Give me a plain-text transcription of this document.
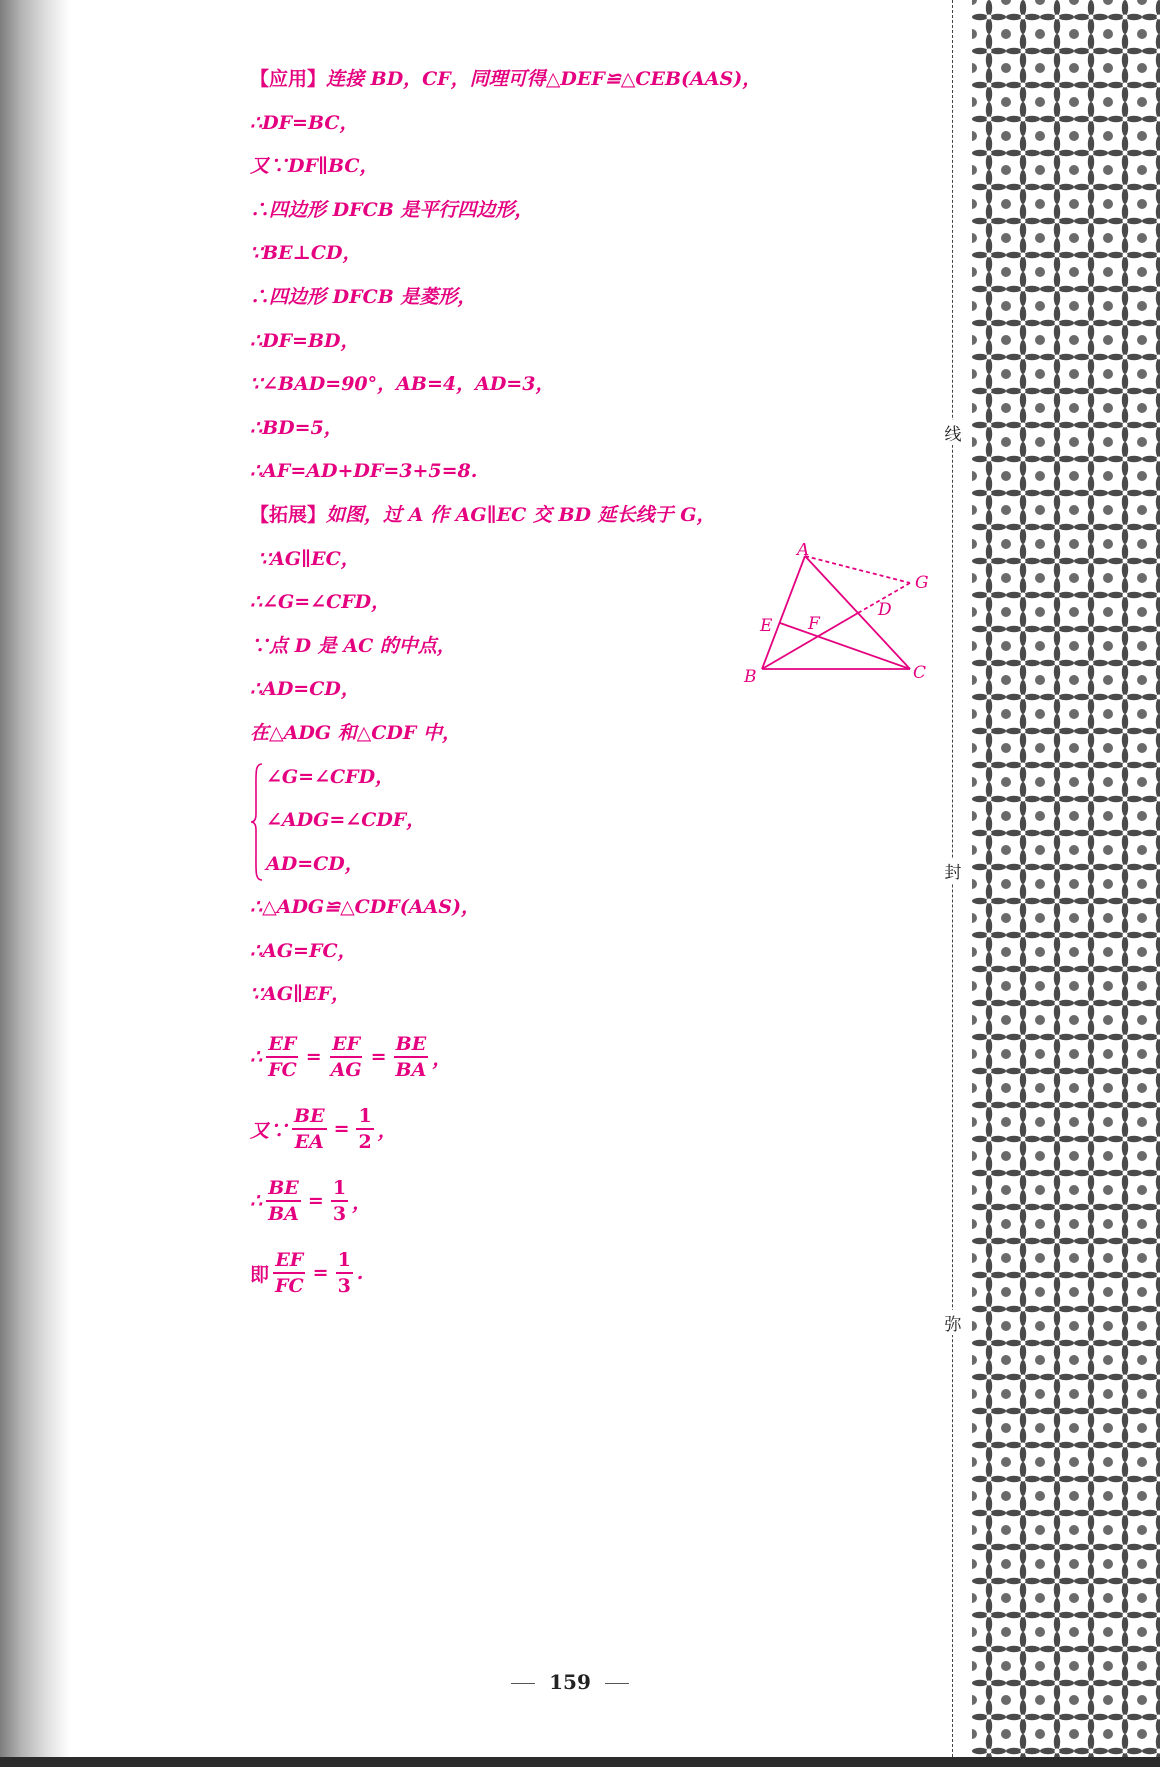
线
封
弥
【应用】连接 BD，CF，同理可得△DEF≌△CEB(AAS)，
∴DF=BC，
又∵DF∥BC，
∴四边形 DFCB 是平行四边形，
∵BE⊥CD，
∴四边形 DFCB 是菱形，
∴DF=BD，
∵∠BAD=90°，AB=4，AD=3，
∴BD=5，
∴AF=AD+DF=3+5=8.
【拓展】如图，过 A 作 AG∥EC 交 BD 延长线于 G，
∵AG∥EC，
∴∠G=∠CFD，
∵点 D 是 AC 的中点，
∴AD=CD，
在△ADG 和△CDF 中，
∠G=∠CFD，
∠ADG=∠CDF，
AD=CD，
∴△ADG≌△CDF(AAS)，
∴AG=FC，
∵AG∥EF，
∴ $\frac{EF}{FC} = \frac{EF}{AG} = \frac{BE}{BA}$ ，
又∵ $\frac{BE}{EA} = \frac{1}{2}$ ，
∴ $\frac{BE}{BA} = \frac{1}{3}$ ，
即 $\frac{EF}{FC} = \frac{1}{3}$ .
A
B	C
D
E F
G
159
